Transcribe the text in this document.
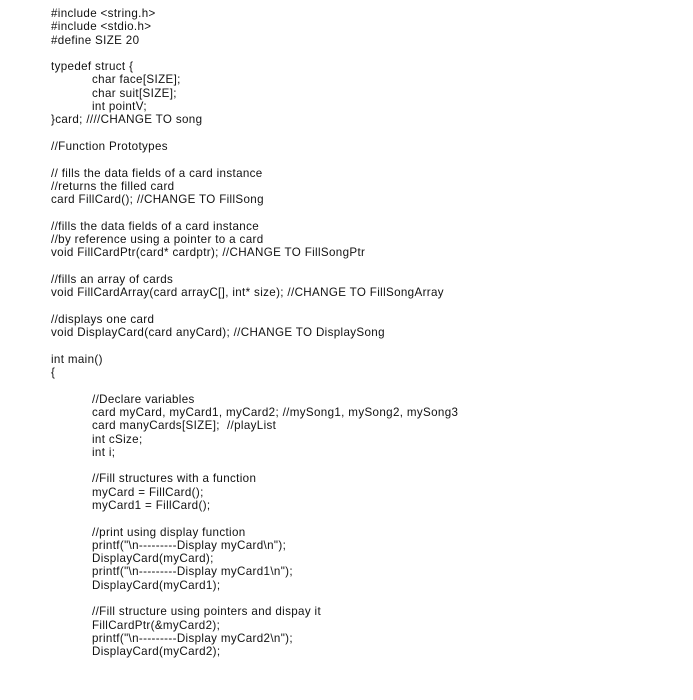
#include <string.h>
#include <stdio.h>
#define SIZE 20
typedef struct {
char face[SIZE];
char suit[SIZE];
int pointV;
}card; ////CHANGE TO song
//Function Prototypes
// fills the data fields of a card instance
//returns the filled card
card FillCard(); //CHANGE TO FillSong
//fills the data fields of a card instance
//by reference using a pointer to a card
void FillCardPtr(card* cardptr); //CHANGE TO FillSongPtr
//fills an array of cards
void FillCardArray(card arrayC[], int* size); //CHANGE TO FillSongArray
//displays one card
void DisplayCard(card anyCard); //CHANGE TO DisplaySong
int main()
{
//Declare variables
card myCard, myCard1, myCard2; //mySong1, mySong2, mySong3
card manyCards[SIZE];  //playList
int cSize;
int i;
//Fill structures with a function
myCard = FillCard();
myCard1 = FillCard();
//print using display function
printf("\n---------Display myCard\n");
DisplayCard(myCard);
printf("\n---------Display myCard1\n");
DisplayCard(myCard1);
//Fill structure using pointers and dispay it
FillCardPtr(&myCard2);
printf("\n---------Display myCard2\n");
DisplayCard(myCard2);
